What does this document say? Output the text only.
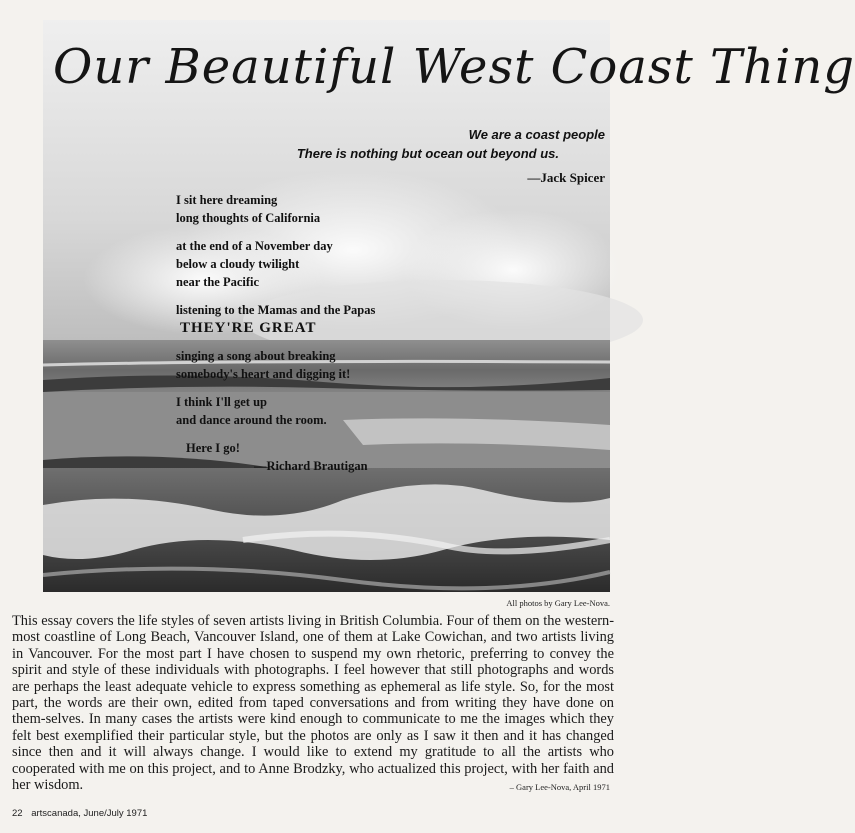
Our Beautiful West Coast Thing
We are a coast people
There is nothing but ocean out beyond us.
—Jack Spicer
I sit here dreaming
long thoughts of California
at the end of a November day
below a cloudy twilight
near the Pacific
listening to the Mamas and the Papas
THEY'RE GREAT
singing a song about breaking
somebody's heart and digging it!
I think I'll get up
and dance around the room.
Here I go!
—Richard Brautigan
All photos by Gary Lee-Nova.
This essay covers the life styles of seven artists living in British Columbia. Four of them on the western-most coastline of Long Beach, Vancouver Island, one of them at Lake Cowichan, and two artists living in Vancouver. For the most part I have chosen to suspend my own rhetoric, preferring to convey the spirit and style of these individuals with photographs. I feel however that still photographs and words are perhaps the least adequate vehicle to express something as ephemeral as life style. So, for the most part, the words are their own, edited from taped conversations and from writing they have done on them-selves. In many cases the artists were kind enough to communicate to me the images which they felt best exemplified their particular style, but the photos are only as I saw it then and it has changed since then and it will always change. I would like to extend my gratitude to all the artists who cooperated with me on this project, and to Anne Brodzky, who actualized this project, with her faith and her wisdom.	– Gary Lee-Nova, April 1971
22 artscanada, June/July 1971
